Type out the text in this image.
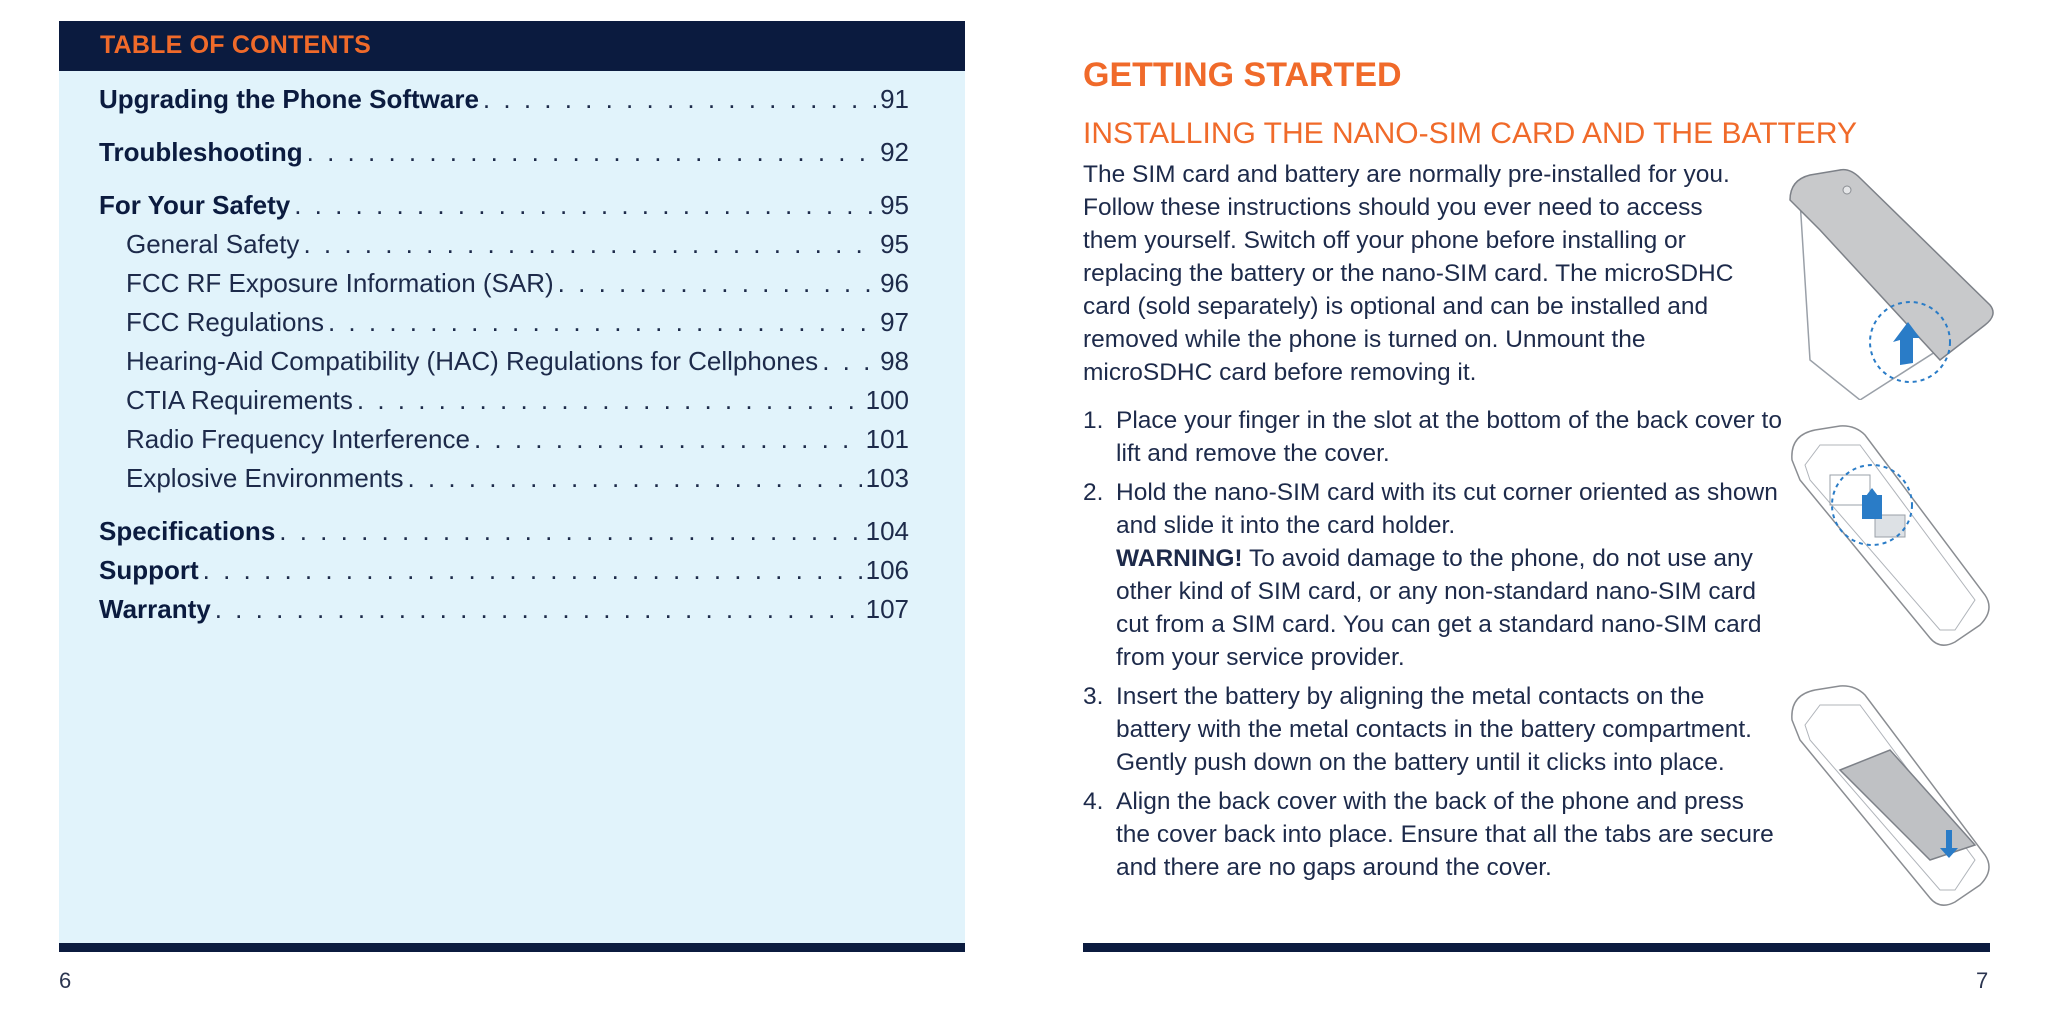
TABLE OF CONTENTS
Upgrading the Phone Software . . .	91
Troubleshooting . . .	92
For Your Safety . . .	95
General Safety . . .	95
FCC RF Exposure Information (SAR) . . .	96
FCC Regulations . . .	97
Hearing-Aid Compatibility (HAC) Regulations for Cellphones . . . 98
CTIA Requirements . . .	100
Radio Frequency Interference . . .	101
Explosive Environments . . .	103
Specifications . . .	104
Support . . .	106
Warranty . . .	107
6
GETTING STARTED
INSTALLING THE NANO-SIM CARD AND THE BATTERY

The SIM card and battery are normally pre-installed for you. Follow these instructions should you ever need to access them yourself. Switch off your phone before installing or replacing the battery or the nano-SIM card. The microSDHC card (sold separately) is optional and can be installed and removed while the phone is turned on. Unmount the microSDHC card before removing it.

1. Place your finger in the slot at the bottom of the back cover to lift and remove the cover.
2. Hold the nano-SIM card with its cut corner oriented as shown and slide it into the card holder.
WARNING! To avoid damage to the phone, do not use any other kind of SIM card, or any non-standard nano-SIM card cut from a SIM card. You can get a standard nano-SIM card from your service provider.
3. Insert the battery by aligning the metal contacts on the battery with the metal contacts in the battery compartment. Gently push down on the battery until it clicks into place.
4. Align the back cover with the back of the phone and press the cover back into place. Ensure that all the tabs are secure and there are no gaps around the cover.
7
